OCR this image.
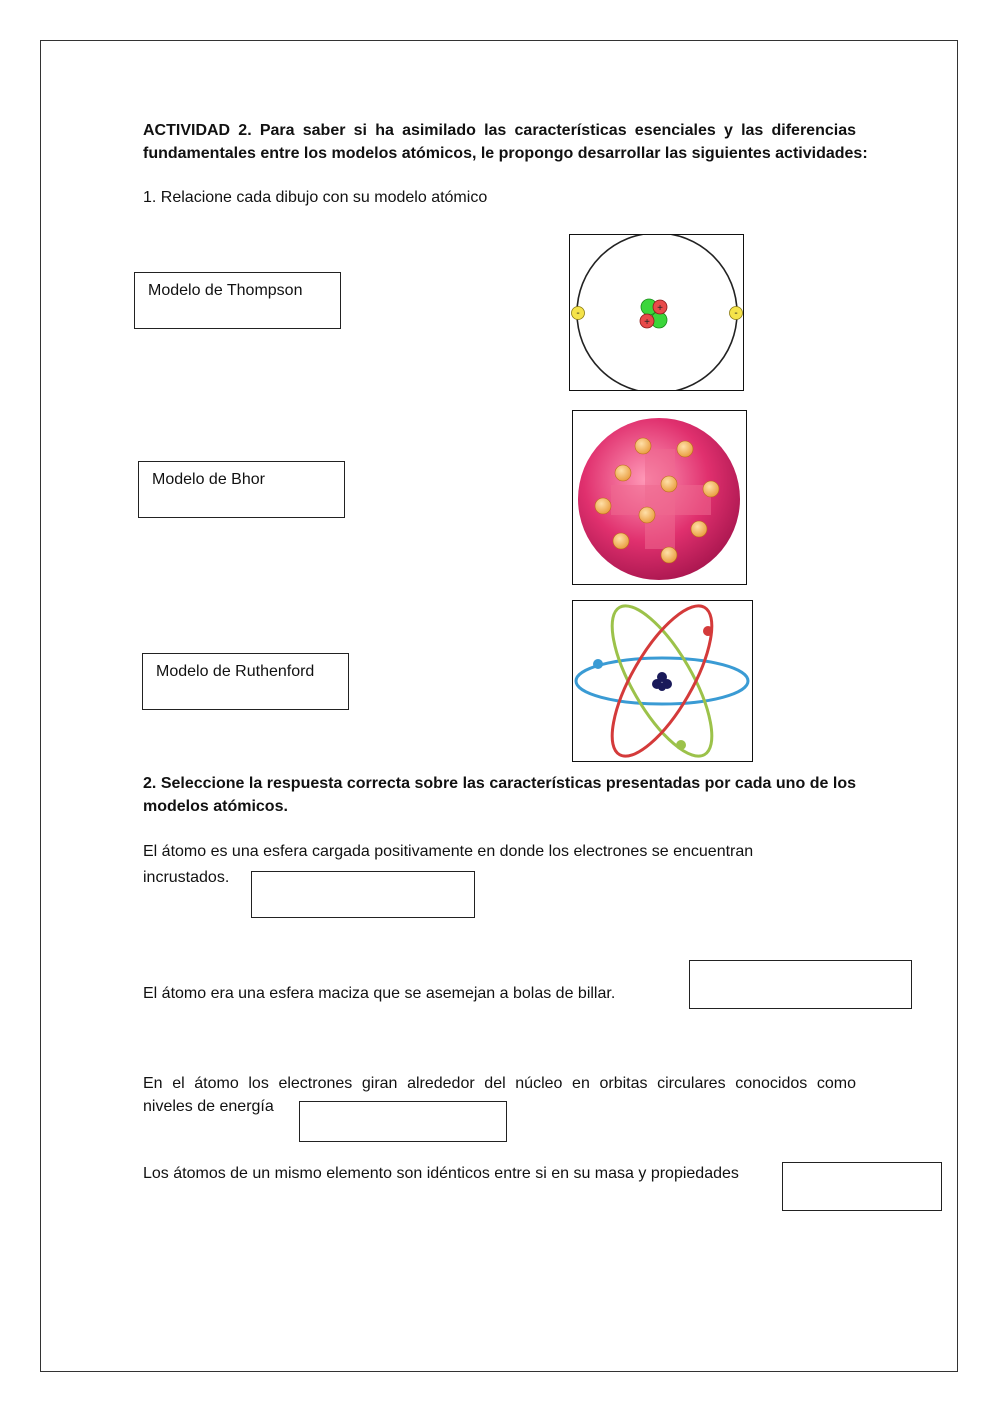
ACTIVIDAD 2. Para saber si ha asimilado las características esenciales y las diferencias
fundamentales entre los modelos atómicos, le propongo desarrollar las siguientes actividades:
1. Relacione cada dibujo con su modelo atómico
Modelo de Thompson
Modelo de Bhor
Modelo de Ruthenford
+
+
-	-
2. Seleccione la respuesta correcta sobre las características presentadas por cada uno de los
modelos atómicos.
El átomo es una esfera cargada positivamente en donde los electrones se encuentran
incrustados.
El átomo era una esfera maciza que se asemejan a bolas de billar.
En el átomo los electrones giran alrededor del núcleo en orbitas circulares conocidos como
niveles de energía
Los átomos de un mismo elemento son idénticos entre si en su masa y propiedades
